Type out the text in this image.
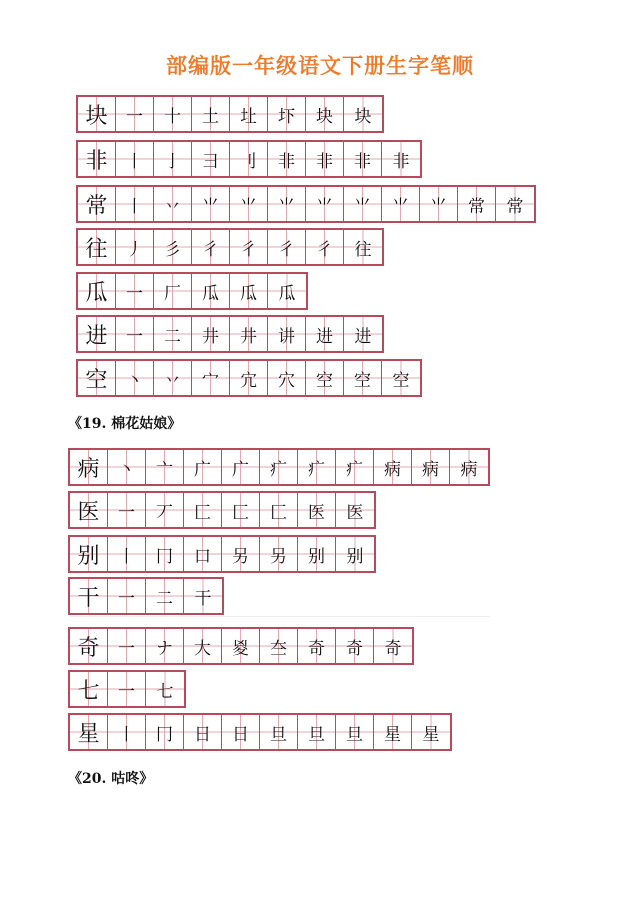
部编版一年级语文下册生字笔顺
块	一	十	土	圵	圷	块	块
非	丨	亅	彐	刂	非	非	非	非
常	丨	丷	⺌	⺌	⺌	⺌	⺌	⺌	⺌	常	常
往	丿	彡	彳	彳	彳	彳	往
瓜	一	厂	瓜	瓜	瓜
进	一	二	井	井	讲	进	进
空	丶	丷	宀	宂	穴	空	空	空
《19. 棉花姑娘》
病	丶	亠	广	广	疒	疒	疒	病	病	病
医	一	丆	匚	匚	匚	医	医
别	丨	冂	口	另	另	别	别
干	一	二	干
奇	一	ナ	大	㚇	夳	奇	奇	奇
七	一	七
星	丨	冂	日	日	旦	旦	旦	星	星
《20. 咕咚》
